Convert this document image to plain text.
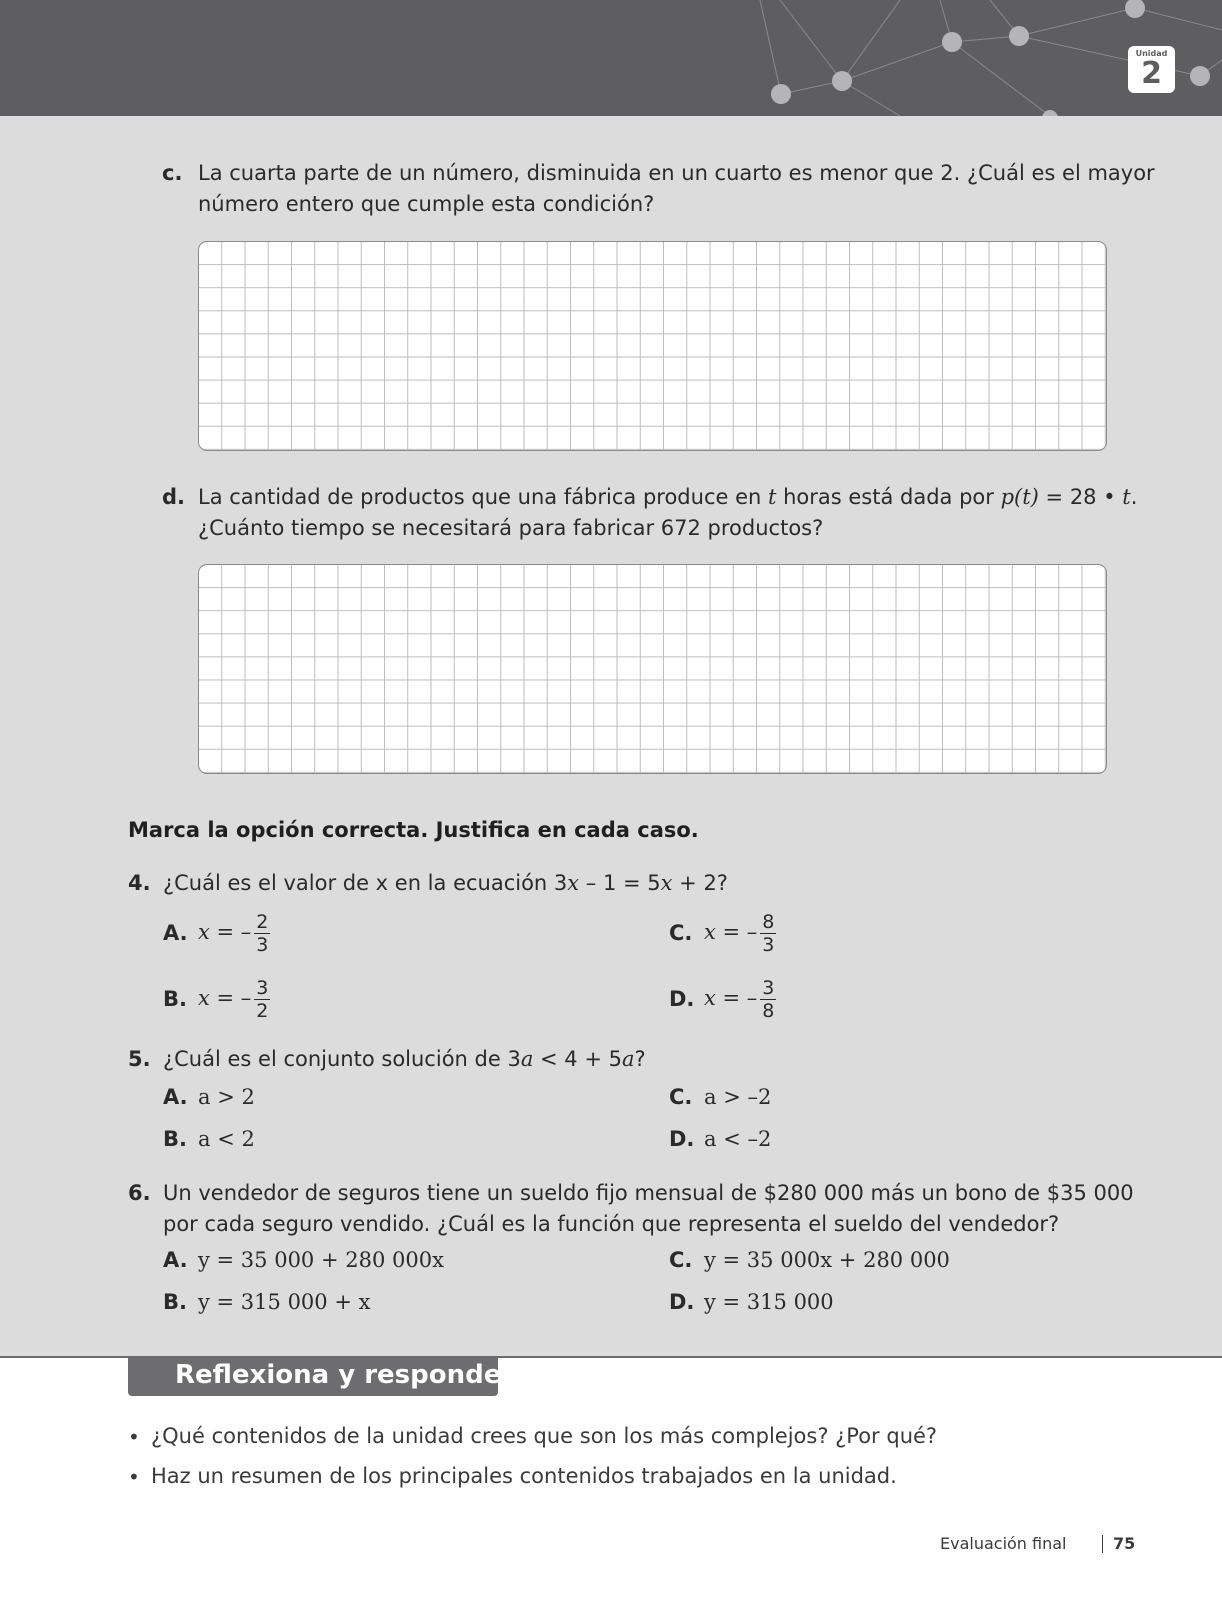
Unidad
2
c. La cuarta parte de un número, disminuida en un cuarto es menor que 2. ¿Cuál es el mayor
número entero que cumple esta condición?
d. La cantidad de productos que una fábrica produce en t horas está dada por p(t) = 28 • t.
¿Cuánto tiempo se necesitará para fabricar 672 productos?
Marca la opción correcta. Justifica en cada caso.
4. ¿Cuál es el valor de x en la ecuación 3x – 1 = 5x + 2?
A. x = – $\frac{2}{3}$
B. x = – $\frac{3}{2}$
C. x = – $\frac{8}{3}$
D. x = – $\frac{3}{8}$
5. ¿Cuál es el conjunto solución de 3a < 4 + 5a?
A. a > 2
B. a < 2
C. a > –2
D. a < –2
6. Un vendedor de seguros tiene un sueldo fijo mensual de $280 000 más un bono de $35 000
por cada seguro vendido. ¿Cuál es la función que representa el sueldo del vendedor?
A. y = 35 000 + 280 000x
B. y = 315 000 + x
C. y = 35 000x + 280 000
D. y = 315 000
Reflexiona y responde
• ¿Qué contenidos de la unidad crees que son los más complejos? ¿Por qué?
• Haz un resumen de los principales contenidos trabajados en la unidad.
Evaluación final	75
